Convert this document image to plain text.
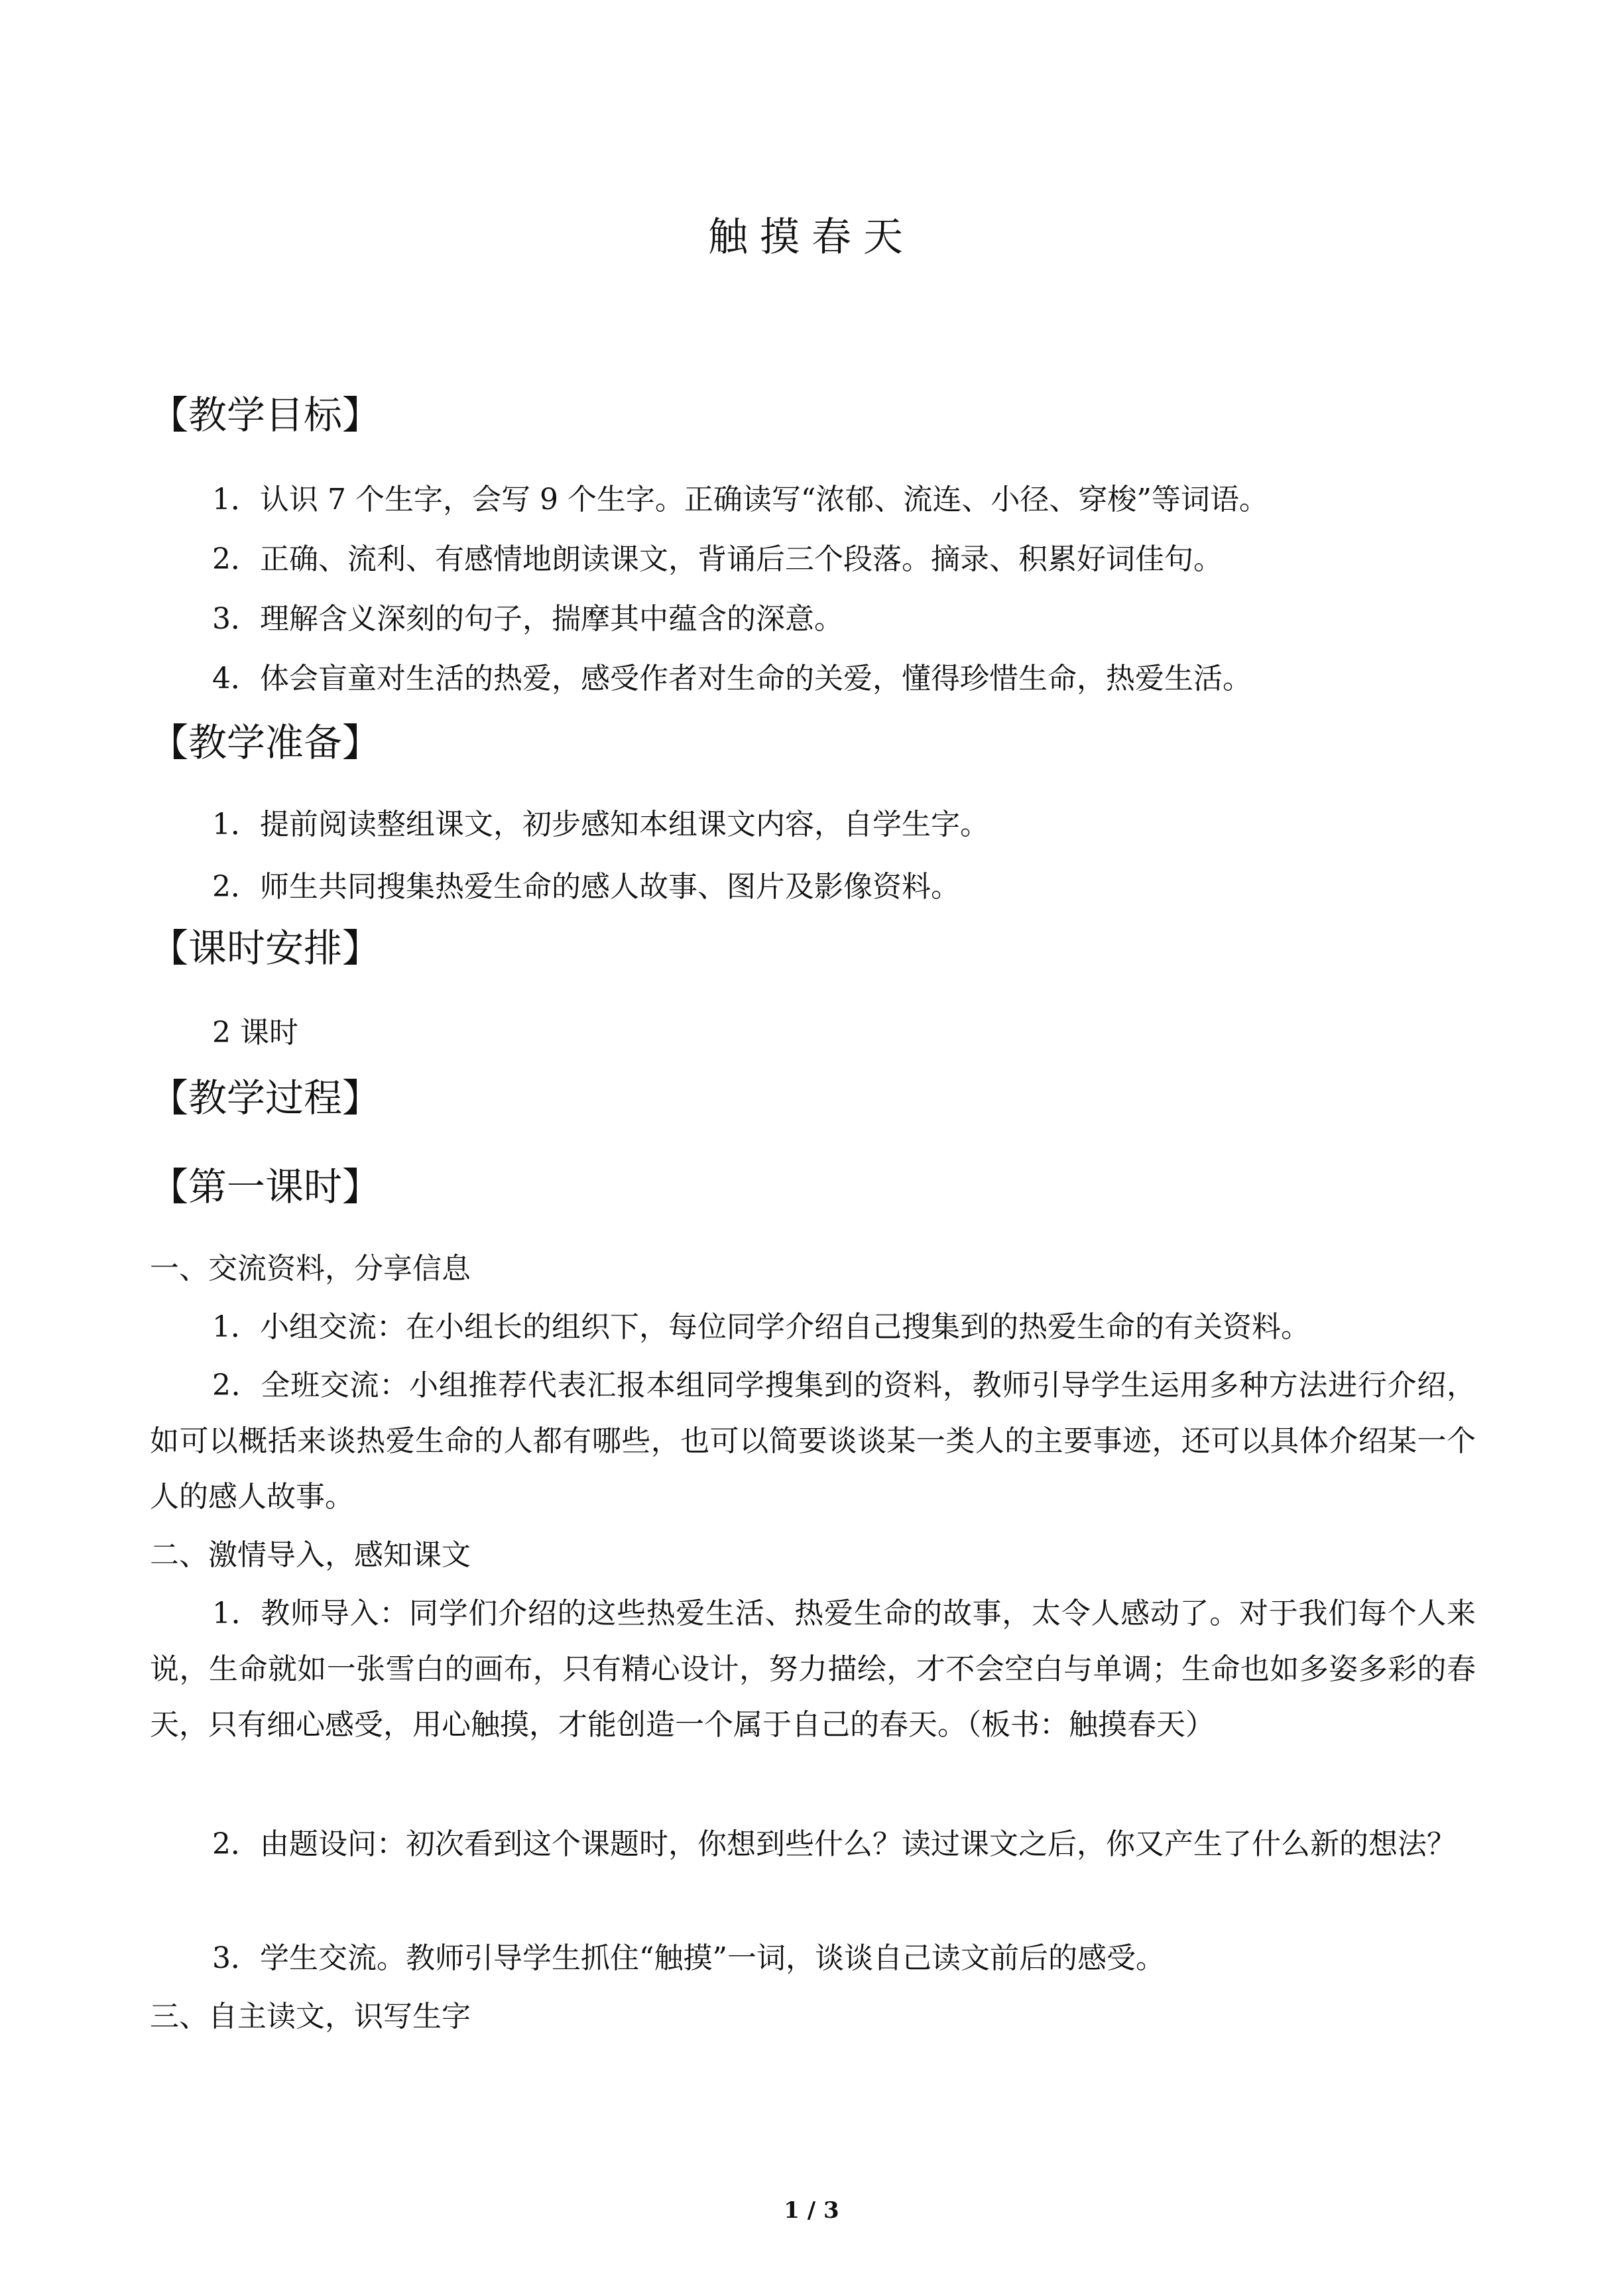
触摸春天
【教学目标】
1．认识 7 个生字，会写 9 个生字。正确读写“浓郁、流连、小径、穿梭”等词语。
2．正确、流利、有感情地朗读课文，背诵后三个段落。摘录、积累好词佳句。
3．理解含义深刻的句子，揣摩其中蕴含的深意。
4．体会盲童对生活的热爱，感受作者对生命的关爱，懂得珍惜生命，热爱生活。
【教学准备】
1．提前阅读整组课文，初步感知本组课文内容，自学生字。
2．师生共同搜集热爱生命的感人故事、图片及影像资料。
【课时安排】
2 课时
【教学过程】
【第一课时】
一、交流资料，分享信息
1．小组交流：在小组长的组织下，每位同学介绍自己搜集到的热爱生命的有关资料。
2．全班交流：小组推荐代表汇报本组同学搜集到的资料，教师引导学生运用多种方法进行介绍，如可以概括来谈热爱生命的人都有哪些，也可以简要谈谈某一类人的主要事迹，还可以具体介绍某一个人的感人故事。
二、激情导入，感知课文
1．教师导入：同学们介绍的这些热爱生活、热爱生命的故事，太令人感动了。对于我们每个人来说，生命就如一张雪白的画布，只有精心设计，努力描绘，才不会空白与单调；生命也如多姿多彩的春天，只有细心感受，用心触摸，才能创造一个属于自己的春天。（板书：触摸春天）
2．由题设问：初次看到这个课题时，你想到些什么？读过课文之后，你又产生了什么新的想法？
3．学生交流。教师引导学生抓住“触摸”一词，谈谈自己读文前后的感受。
三、自主读文，识写生字
1 / 3
